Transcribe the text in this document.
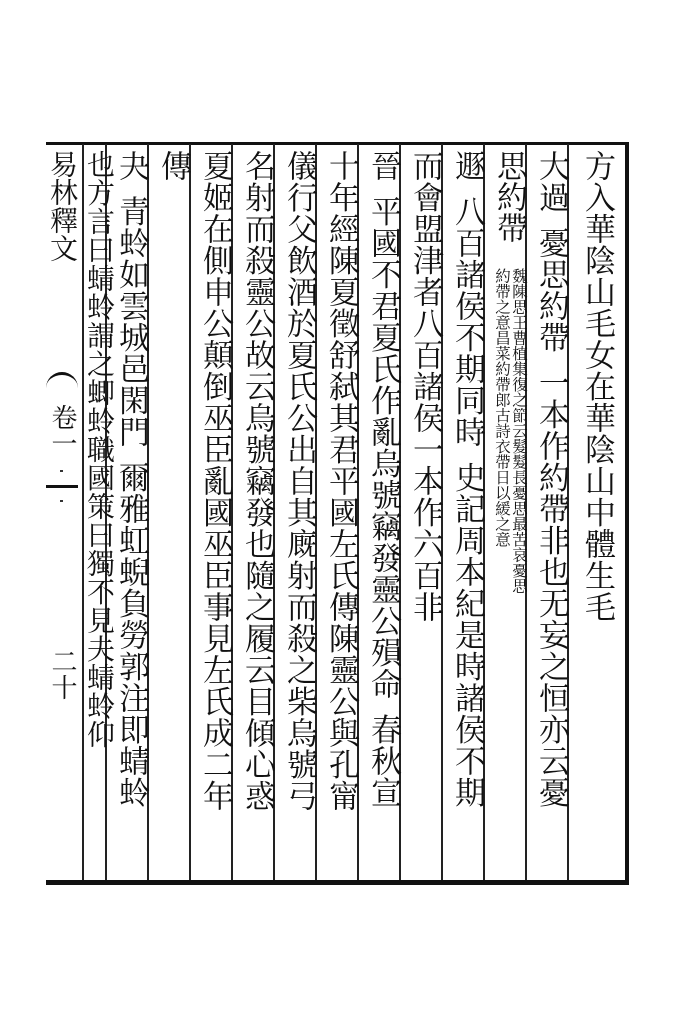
易林釋文
卷一
二十
方入華陰山毛女在華陰山中體生毛
大過憂思約帶一本作約帶非也无妄之恒亦云憂
思約帶 約帶之意昌菜約帶郎古詩衣帶日以緩之意魏陳思王曹植集復之節云髮髮長憂思最苦哀憂思
遯八百諸侯不期同時史記周本紀是時諸侯不期
而會盟津者八百諸侯一本作六百非
晉平國不君夏氏作亂烏號竊發靈公殞命春秋宣
十年經陳夏徵舒弑其君平國左氏傳陳靈公與孔甯
儀行父飲酒於夏氏公出自其廐射而殺之柴烏號弓
名射而殺靈公故云烏號竊發也隨之履云目傾心惑
夏姬在側申公顛倒巫臣亂國巫臣事見左氏成二年
傳
夬青蛉如雲城邑閑門爾雅虹蜺負勞郭注即蜻蛉
也方言曰蜻蛉謂之蝍蛉職國策曰獨不見夫蜻蛉仰
